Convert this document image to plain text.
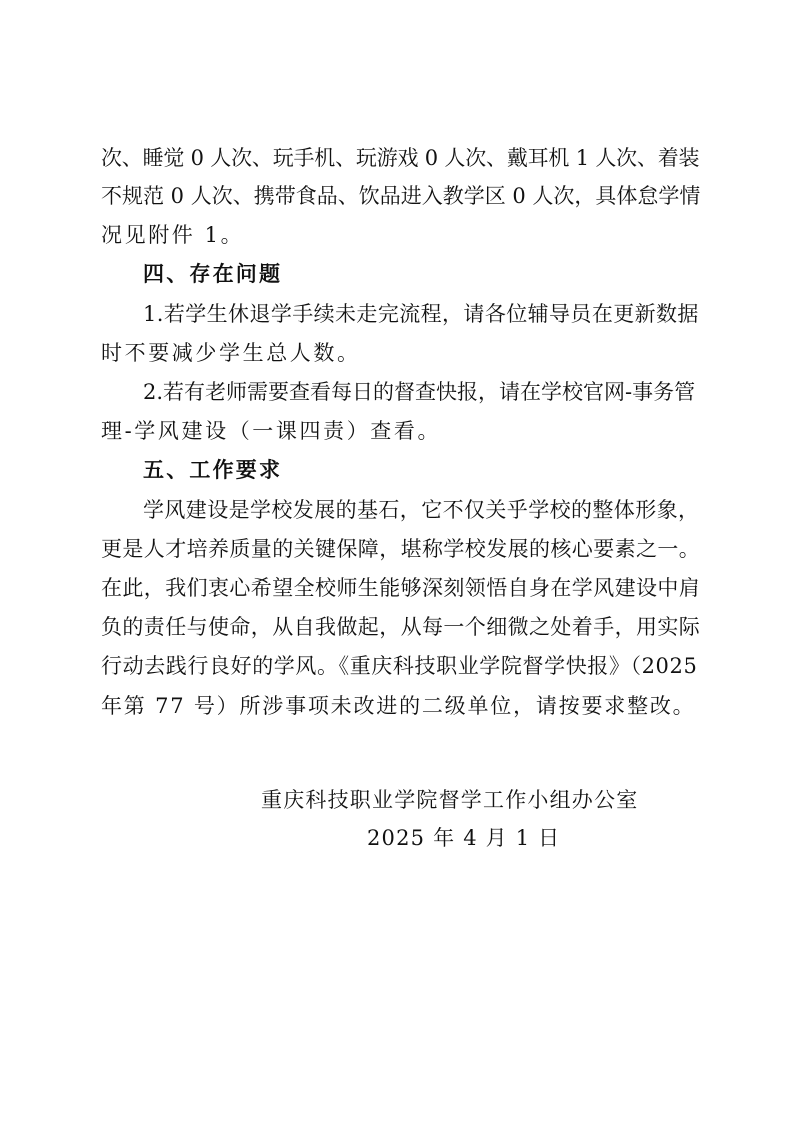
次、睡觉 0 人次、玩手机、玩游戏 0 人次、戴耳机 1 人次、着装
不规范 0 人次、携带食品、饮品进入教学区 0 人次，具体怠学情
况见附件 1。
四、存在问题
1.若学生休退学手续未走完流程，请各位辅导员在更新数据
时不要减少学生总人数。
2.若有老师需要查看每日的督查快报，请在学校官网-事务管
理-学风建设（一课四责）查看。
五、工作要求
学风建设是学校发展的基石，它不仅关乎学校的整体形象，
更是人才培养质量的关键保障，堪称学校发展的核心要素之一。
在此，我们衷心希望全校师生能够深刻领悟自身在学风建设中肩
负的责任与使命，从自我做起，从每一个细微之处着手，用实际
行动去践行良好的学风。《重庆科技职业学院督学快报》（2025
年第 77 号）所涉事项未改进的二级单位，请按要求整改。
重庆科技职业学院督学工作小组办公室
2025 年 4 月 1 日
